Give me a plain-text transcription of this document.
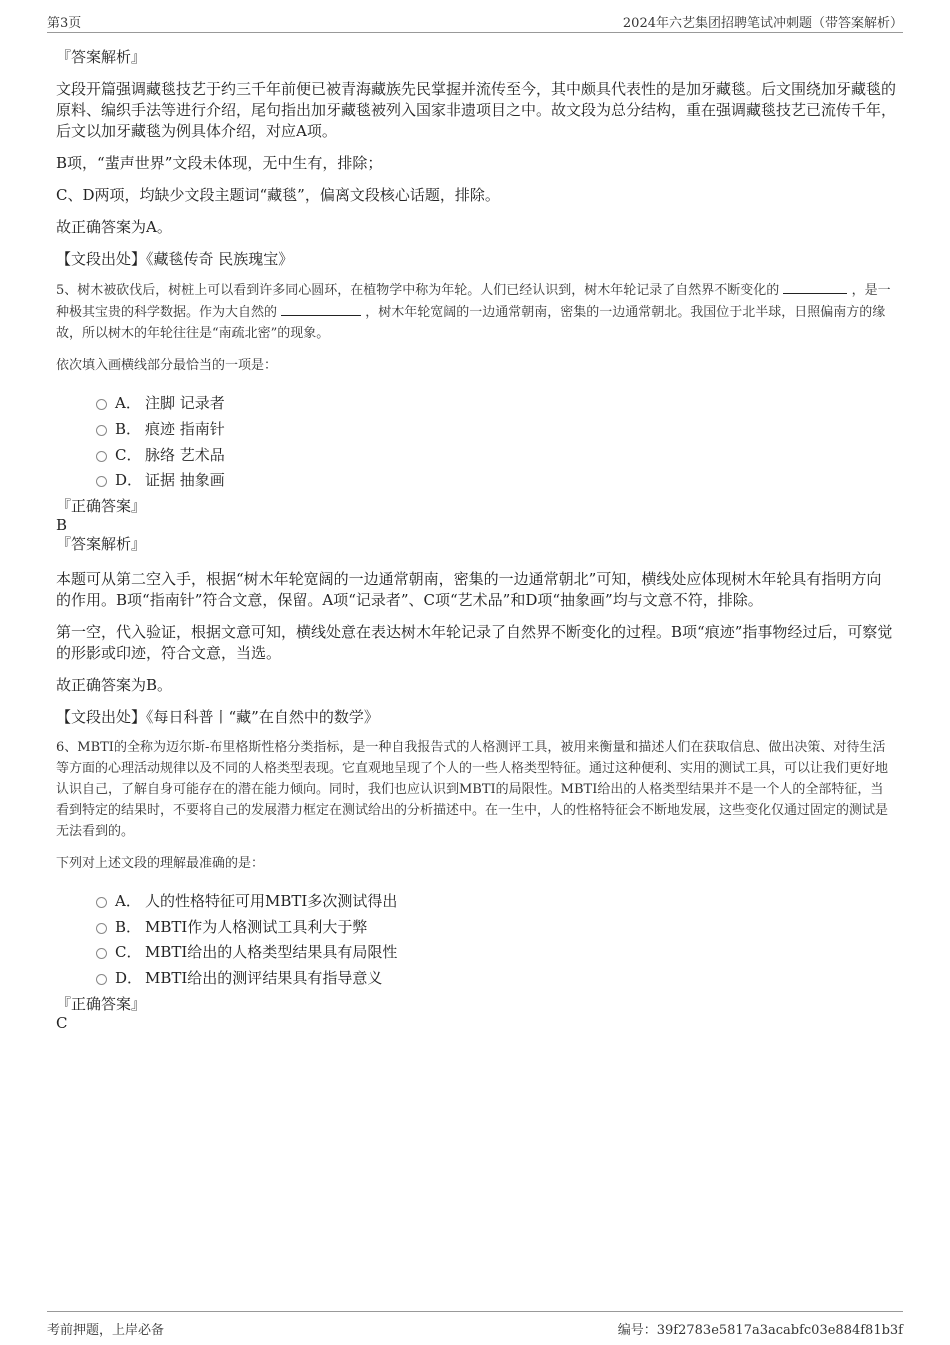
第3页	2024年六艺集团招聘笔试冲刺题（带答案解析）

『答案解析』

文段开篇强调藏毯技艺于约三千年前便已被青海藏族先民掌握并流传至今，其中颇具代表性的是加牙藏毯。后文围绕加牙藏毯的原料、编织手法等进行介绍，尾句指出加牙藏毯被列入国家非遗项目之中。故文段为总分结构，重在强调藏毯技艺已流传千年，后文以加牙藏毯为例具体介绍，对应A项。

B项，“蜚声世界”文段未体现，无中生有，排除；

C、D两项，均缺少文段主题词“藏毯”，偏离文段核心话题，排除。

故正确答案为A。

【文段出处】《藏毯传奇 民族瑰宝》

5、树木被砍伐后，树桩上可以看到许多同心圆环，在植物学中称为年轮。人们已经认识到，树木年轮记录了自然界不断变化的	，是一种极其宝贵的科学数据。作为大自然的	，树木年轮宽阔的一边通常朝南，密集的一边通常朝北。我国位于北半球，日照偏南方的缘故，所以树木的年轮往往是“南疏北密”的现象。

依次填入画横线部分最恰当的一项是：

A． 注脚 记录者
B． 痕迹 指南针
C． 脉络 艺术品
D． 证据 抽象画

『正确答案』

B

『答案解析』

本题可从第二空入手，根据“树木年轮宽阔的一边通常朝南，密集的一边通常朝北”可知，横线处应体现树木年轮具有指明方向的作用。B项“指南针”符合文意，保留。A项“记录者”、C项“艺术品”和D项“抽象画”均与文意不符，排除。

第一空，代入验证，根据文意可知，横线处意在表达树木年轮记录了自然界不断变化的过程。B项“痕迹”指事物经过后，可察觉的形影或印迹，符合文意，当选。

故正确答案为B。

【文段出处】《每日科普丨“藏”在自然中的数学》

6、MBTI的全称为迈尔斯-布里格斯性格分类指标，是一种自我报告式的人格测评工具，被用来衡量和描述人们在获取信息、做出决策、对待生活等方面的心理活动规律以及不同的人格类型表现。它直观地呈现了个人的一些人格类型特征。通过这种便利、实用的测试工具，可以让我们更好地认识自己，了解自身可能存在的潜在能力倾向。同时，我们也应认识到MBTI的局限性。MBTI给出的人格类型结果并不是一个人的全部特征，当看到特定的结果时，不要将自己的发展潜力框定在测试给出的分析描述中。在一生中，人的性格特征会不断地发展，这些变化仅通过固定的测试是无法看到的。

下列对上述文段的理解最准确的是：

A． 人的性格特征可用MBTI多次测试得出
B． MBTI作为人格测试工具利大于弊
C． MBTI给出的人格类型结果具有局限性
D． MBTI给出的测评结果具有指导意义

『正确答案』

C

考前押题，上岸必备	编号：39f2783e5817a3acabfc03e884f81b3f
